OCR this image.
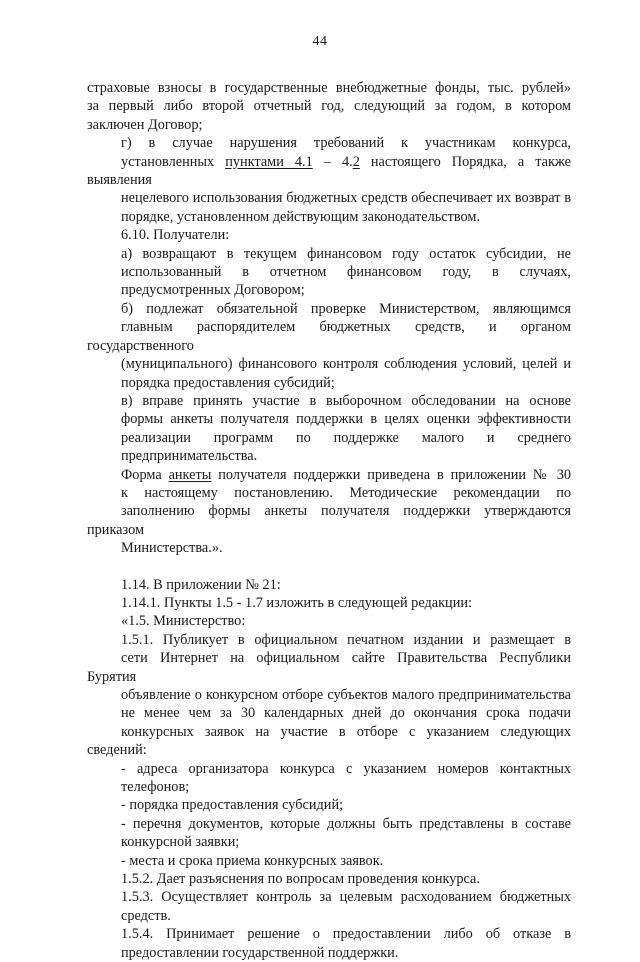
44
страховые взносы в государственные внебюджетные фонды, тыс. рублей»
за первый либо второй отчетный год, следующий за годом, в котором
заключен Договор;
г) в случае нарушения требований к участникам конкурса,
установленных пунктами 4.1 – 4.2 настоящего Порядка, а также выявления
нецелевого использования бюджетных средств обеспечивает их возврат в
порядке, установленном действующим законодательством.
6.10. Получатели:
а) возвращают в текущем финансовом году остаток субсидии, не
использованный в отчетном финансовом году, в случаях,
предусмотренных Договором;
б) подлежат обязательной проверке Министерством, являющимся
главным распорядителем бюджетных средств, и органом государственного
(муниципального) финансового контроля соблюдения условий, целей и
порядка предоставления субсидий;
в) вправе принять участие в выборочном обследовании на основе
формы анкеты получателя поддержки в целях оценки эффективности
реализации программ по поддержке малого и среднего
предпринимательства.
Форма анкеты получателя поддержки приведена в приложении № 30
к настоящему постановлению. Методические рекомендации по
заполнению формы анкеты получателя поддержки утверждаются приказом
Министерства.».
1.14. В приложении № 21:
1.14.1. Пункты 1.5 - 1.7 изложить в следующей редакции:
«1.5. Министерство:
1.5.1. Публикует в официальном печатном издании и размещает в
сети Интернет на официальном сайте Правительства Республики Бурятия
объявление о конкурсном отборе субъектов малого предпринимательства
не менее чем за 30 календарных дней до окончания срока подачи
конкурсных заявок на участие в отборе с указанием следующих сведений:
- адреса организатора конкурса с указанием номеров контактных
телефонов;
- порядка предоставления субсидий;
- перечня документов, которые должны быть представлены в составе
конкурсной заявки;
- места и срока приема конкурсных заявок.
1.5.2. Дает разъяснения по вопросам проведения конкурса.
1.5.3. Осуществляет контроль за целевым расходованием бюджетных
средств.
1.5.4. Принимает решение о предоставлении либо об отказе в
предоставлении государственной поддержки.
